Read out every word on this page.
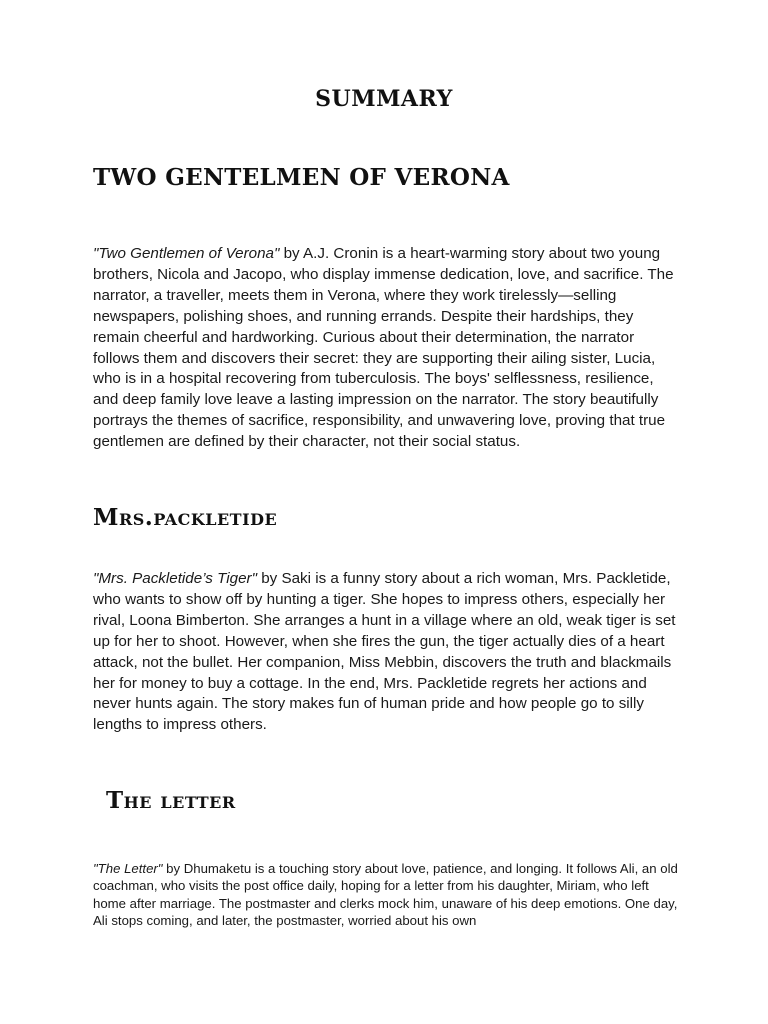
SUMMARY
TWO GENTELMEN OF VERONA

"Two Gentlemen of Verona" by A.J. Cronin is a heart-warming story about two young brothers, Nicola and Jacopo, who display immense dedication, love, and sacrifice. The narrator, a traveller, meets them in Verona, where they work tirelessly—selling newspapers, polishing shoes, and running errands. Despite their hardships, they remain cheerful and hardworking. Curious about their determination, the narrator follows them and discovers their secret: they are supporting their ailing sister, Lucia, who is in a hospital recovering from tuberculosis. The boys' selflessness, resilience, and deep family love leave a lasting impression on the narrator. The story beautifully portrays the themes of sacrifice, responsibility, and unwavering love, proving that true gentlemen are defined by their character, not their social status.

Mrs.packletide

"Mrs. Packletide’s Tiger" by Saki is a funny story about a rich woman, Mrs. Packletide, who wants to show off by hunting a tiger. She hopes to impress others, especially her rival, Loona Bimberton. She arranges a hunt in a village where an old, weak tiger is set up for her to shoot. However, when she fires the gun, the tiger actually dies of a heart attack, not the bullet. Her companion, Miss Mebbin, discovers the truth and blackmails her for money to buy a cottage. In the end, Mrs. Packletide regrets her actions and never hunts again. The story makes fun of human pride and how people go to silly lengths to impress others.

The letter

"The Letter" by Dhumaketu is a touching story about love, patience, and longing. It follows Ali, an old coachman, who visits the post office daily, hoping for a letter from his daughter, Miriam, who left home after marriage. The postmaster and clerks mock him, unaware of his deep emotions. One day, Ali stops coming, and later, the postmaster, worried about his own
